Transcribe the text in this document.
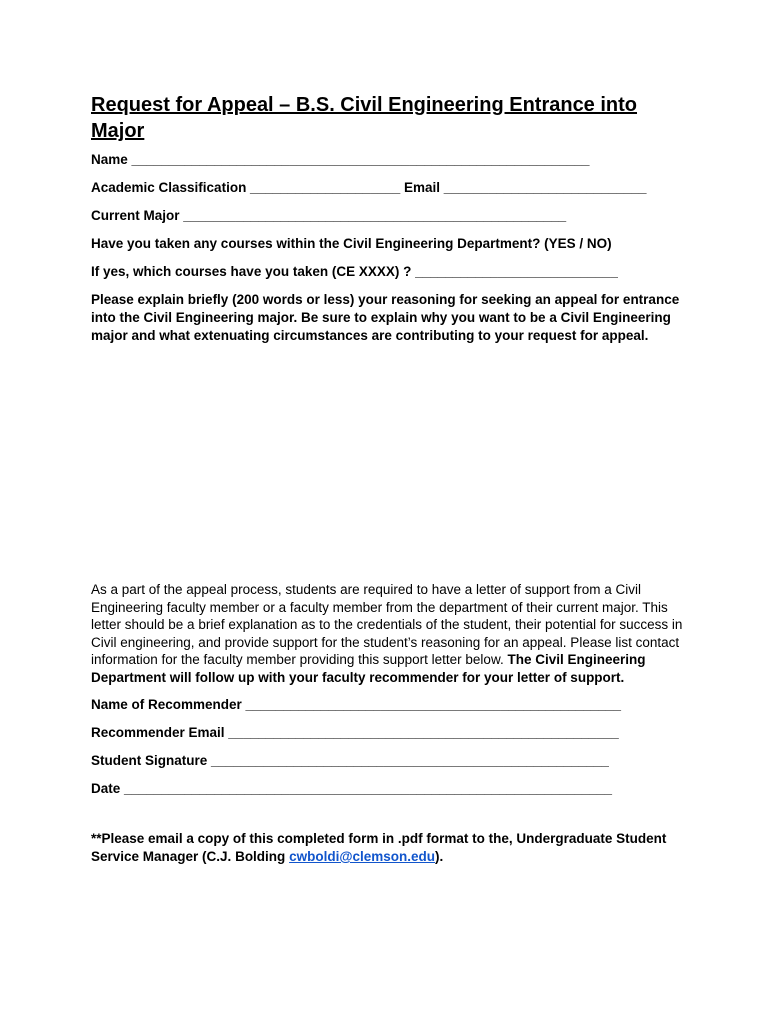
Request for Appeal – B.S. Civil Engineering Entrance into Major
Name _____________________________________________________________
Academic Classification ____________________ Email ___________________________
Current Major ___________________________________________________
Have you taken any courses within the Civil Engineering Department? (YES / NO)
If yes, which courses have you taken (CE XXXX) ? ___________________________

Please explain briefly (200 words or less) your reasoning for seeking an appeal for entrance into the Civil Engineering major. Be sure to explain why you want to be a Civil Engineering major and what extenuating circumstances are contributing to your request for appeal.

As a part of the appeal process, students are required to have a letter of support from a Civil Engineering faculty member or a faculty member from the department of their current major. This letter should be a brief explanation as to the credentials of the student, their potential for success in Civil engineering, and provide support for the student’s reasoning for an appeal. Please list contact information for the faculty member providing this support letter below. The Civil Engineering Department will follow up with your faculty recommender for your letter of support.

Name of Recommender __________________________________________________
Recommender Email ____________________________________________________
Student Signature _____________________________________________________
Date _________________________________________________________________
**Please email a copy of this completed form in .pdf format to the, Undergraduate Student Service Manager (C.J. Bolding cwboldi@clemson.edu).
